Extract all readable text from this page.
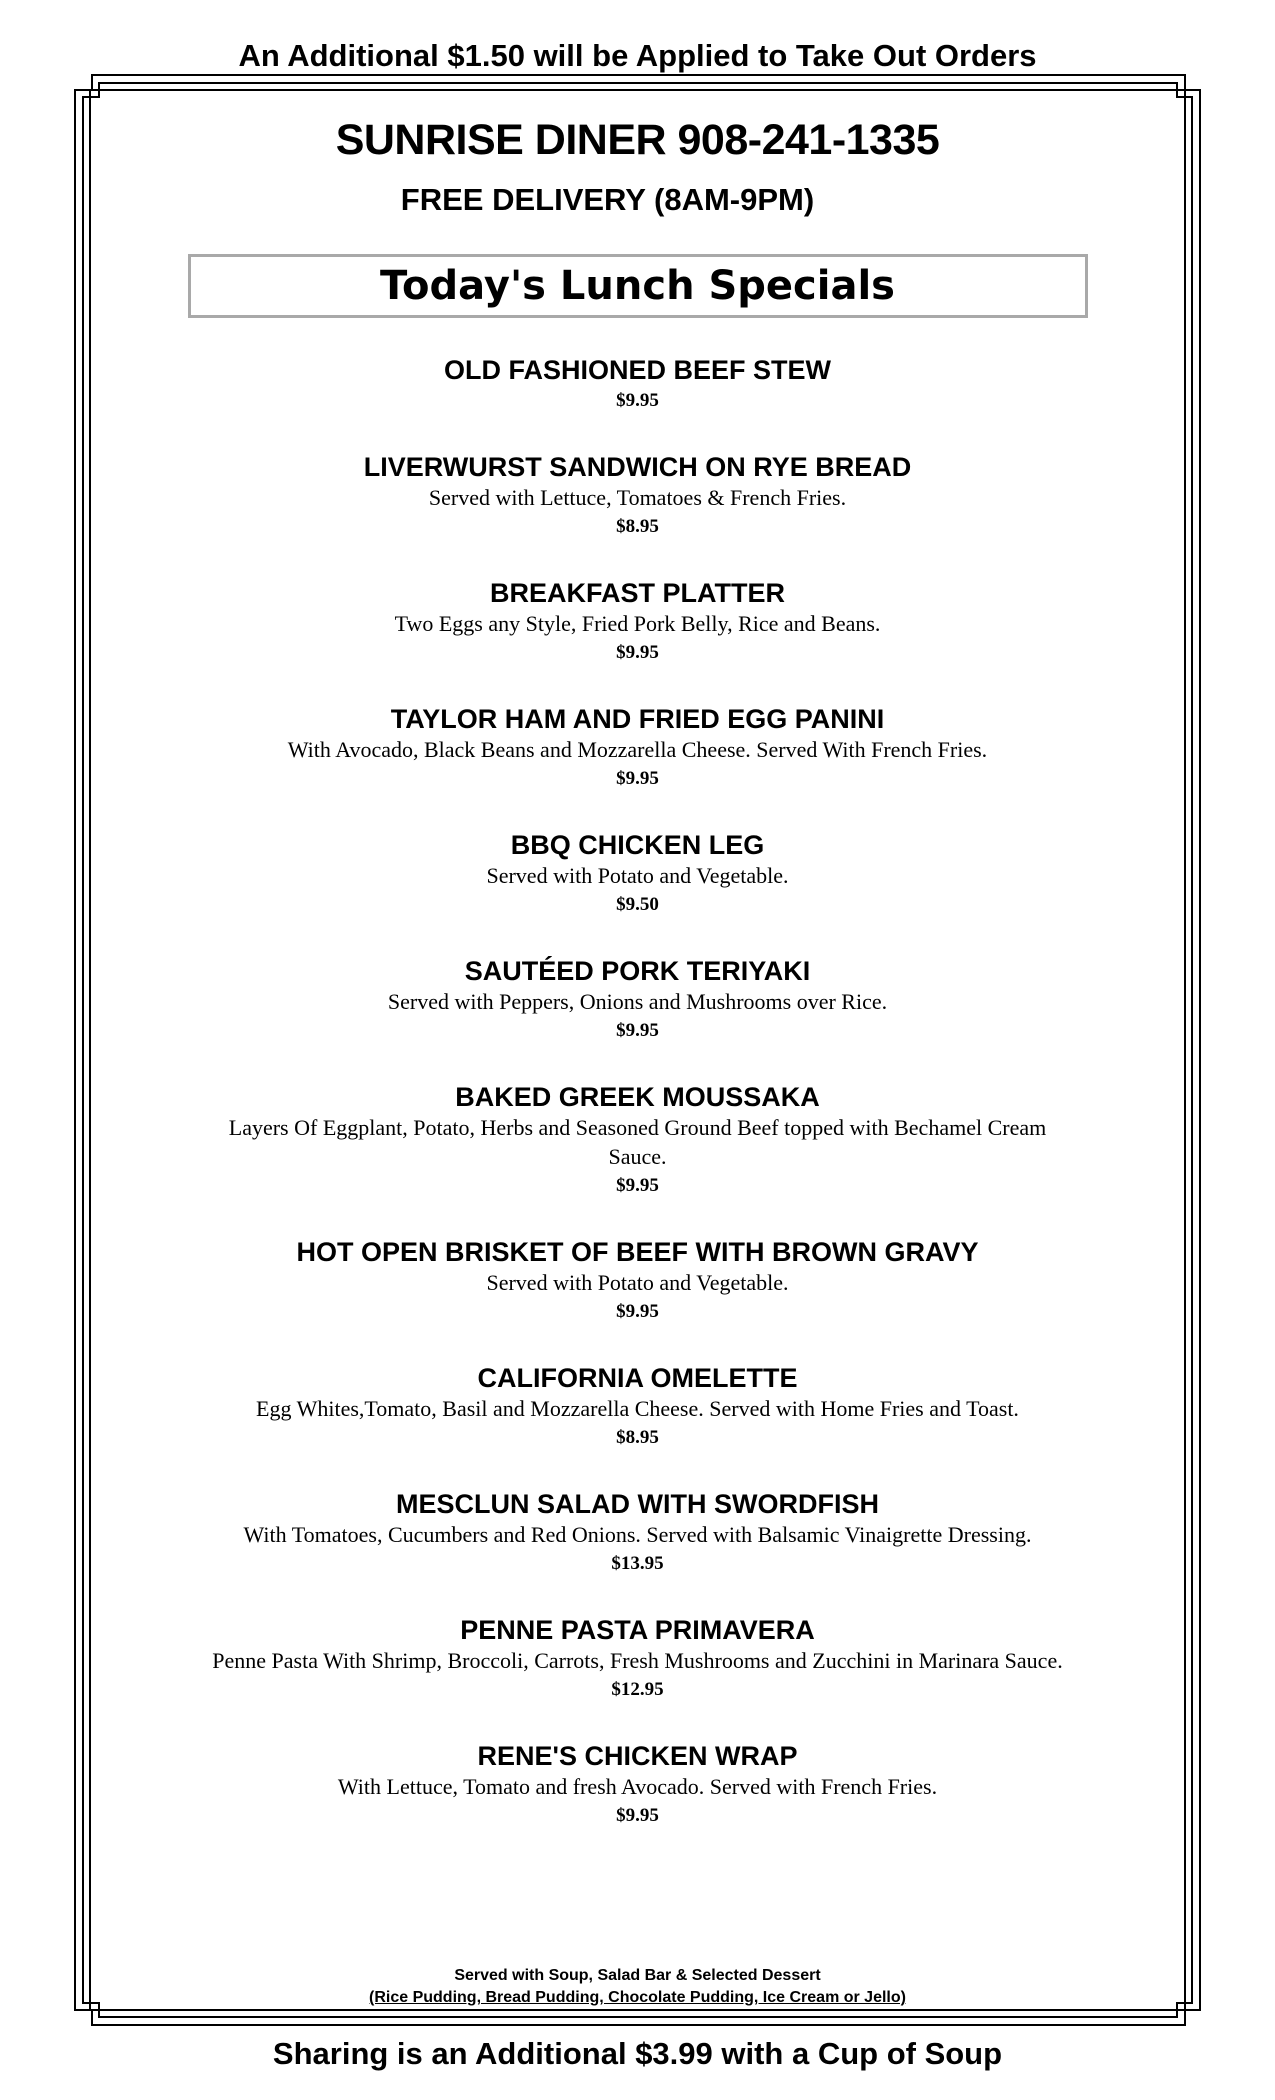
An Additional $1.50 will be Applied to Take Out Orders
SUNRISE DINER 908-241-1335
FREE DELIVERY (8AM-9PM)
Today's Lunch Specials
OLD FASHIONED BEEF STEW
$9.95
LIVERWURST SANDWICH ON RYE BREAD
Served with Lettuce, Tomatoes & French Fries.
$8.95
BREAKFAST PLATTER
Two Eggs any Style, Fried Pork Belly, Rice and Beans.
$9.95
TAYLOR HAM AND FRIED EGG PANINI
With Avocado, Black Beans and Mozzarella Cheese. Served With French Fries.
$9.95
BBQ CHICKEN LEG
Served with Potato and Vegetable.
$9.50
SAUTÉED PORK TERIYAKI
Served with Peppers, Onions and Mushrooms over Rice.
$9.95
BAKED GREEK MOUSSAKA
Layers Of Eggplant, Potato, Herbs and Seasoned Ground Beef topped with Bechamel Cream Sauce.
$9.95
HOT OPEN BRISKET OF BEEF WITH BROWN GRAVY
Served with Potato and Vegetable.
$9.95
CALIFORNIA OMELETTE
Egg Whites,Tomato, Basil and Mozzarella Cheese. Served with Home Fries and Toast.
$8.95
MESCLUN SALAD WITH SWORDFISH
With Tomatoes, Cucumbers and Red Onions. Served with Balsamic Vinaigrette Dressing.
$13.95
PENNE PASTA PRIMAVERA
Penne Pasta With Shrimp, Broccoli, Carrots, Fresh Mushrooms and Zucchini in Marinara Sauce.
$12.95
RENE'S CHICKEN WRAP
With Lettuce, Tomato and fresh Avocado. Served with French Fries.
$9.95
Served with Soup, Salad Bar & Selected Dessert
(Rice Pudding, Bread Pudding, Chocolate Pudding, Ice Cream or Jello)
Sharing is an Additional $3.99 with a Cup of Soup
